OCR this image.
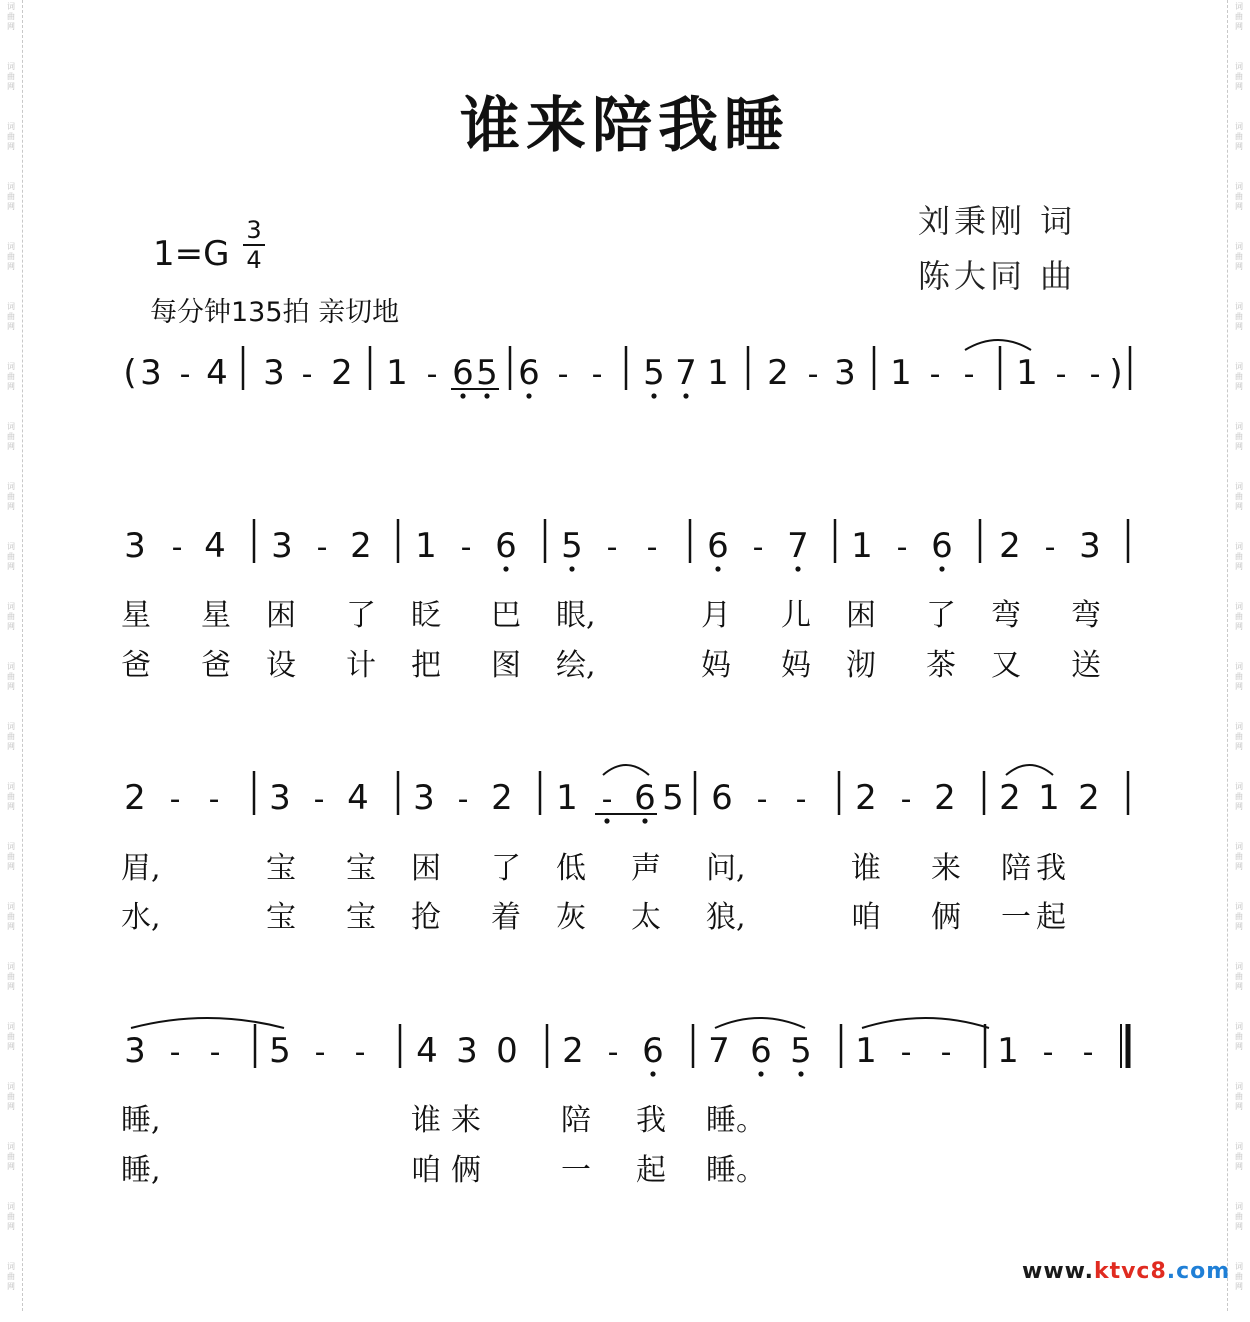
词
曲
网
词
曲
网
词
曲
网
词
曲
网
词
曲
网
词
曲
网
词
曲
网
词
曲
网
词
曲
网
词
曲
网
词
曲
网
词
曲
网
词
曲
网
词
曲
网
词
曲
网
词
曲
网
词
曲
网
词
曲
网
词
曲
网
词
曲
网
词
曲
网
词
曲
网
词
曲
网
词
曲
网
词
曲
网
词
曲
网
词
曲
网
词
曲
网
词
曲
网
词
曲
网
词
曲
网
词
曲
网
词
曲
网
词
曲
网
词
曲
网
词
曲
网
词
曲
网
词
曲
网
词
曲
网
词
曲
网
词
曲
网
词
曲
网
词
曲
网
词
曲
网
谁来陪我睡
刘秉刚 词
陈大同 曲
1=G
3
4
每分钟135拍 亲切地
( 3 - 4 3 - 2 1 - 6 5 6 - - 5 7 1 2 - 3 1 - - 1 - - )
3 - 4 3 - 2 1 - 6 5 - - 6 - 7 1 - 6 2 - 3
2 - - 3 - 4 3 - 2 1 - 6 5 6 - - 2 - 2 2 1 2
3 - - 5 - - 4 3 0 2 - 6 7 6 5 1 - - 1 - -
星 星 困 了 眨 巴 眼,	月 儿 困 了 弯 弯
爸 爸 设 计 把 图 绘,	妈 妈 沏 茶 又 送
眉,	宝 宝 困 了 低 声 问,	谁 来 陪 我
水,	宝 宝 抢 着 灰 太 狼,	咱 俩 一 起
睡,	谁 来	陪 我 睡。
睡,	咱 俩	一 起 睡。
www.ktvc8.com
